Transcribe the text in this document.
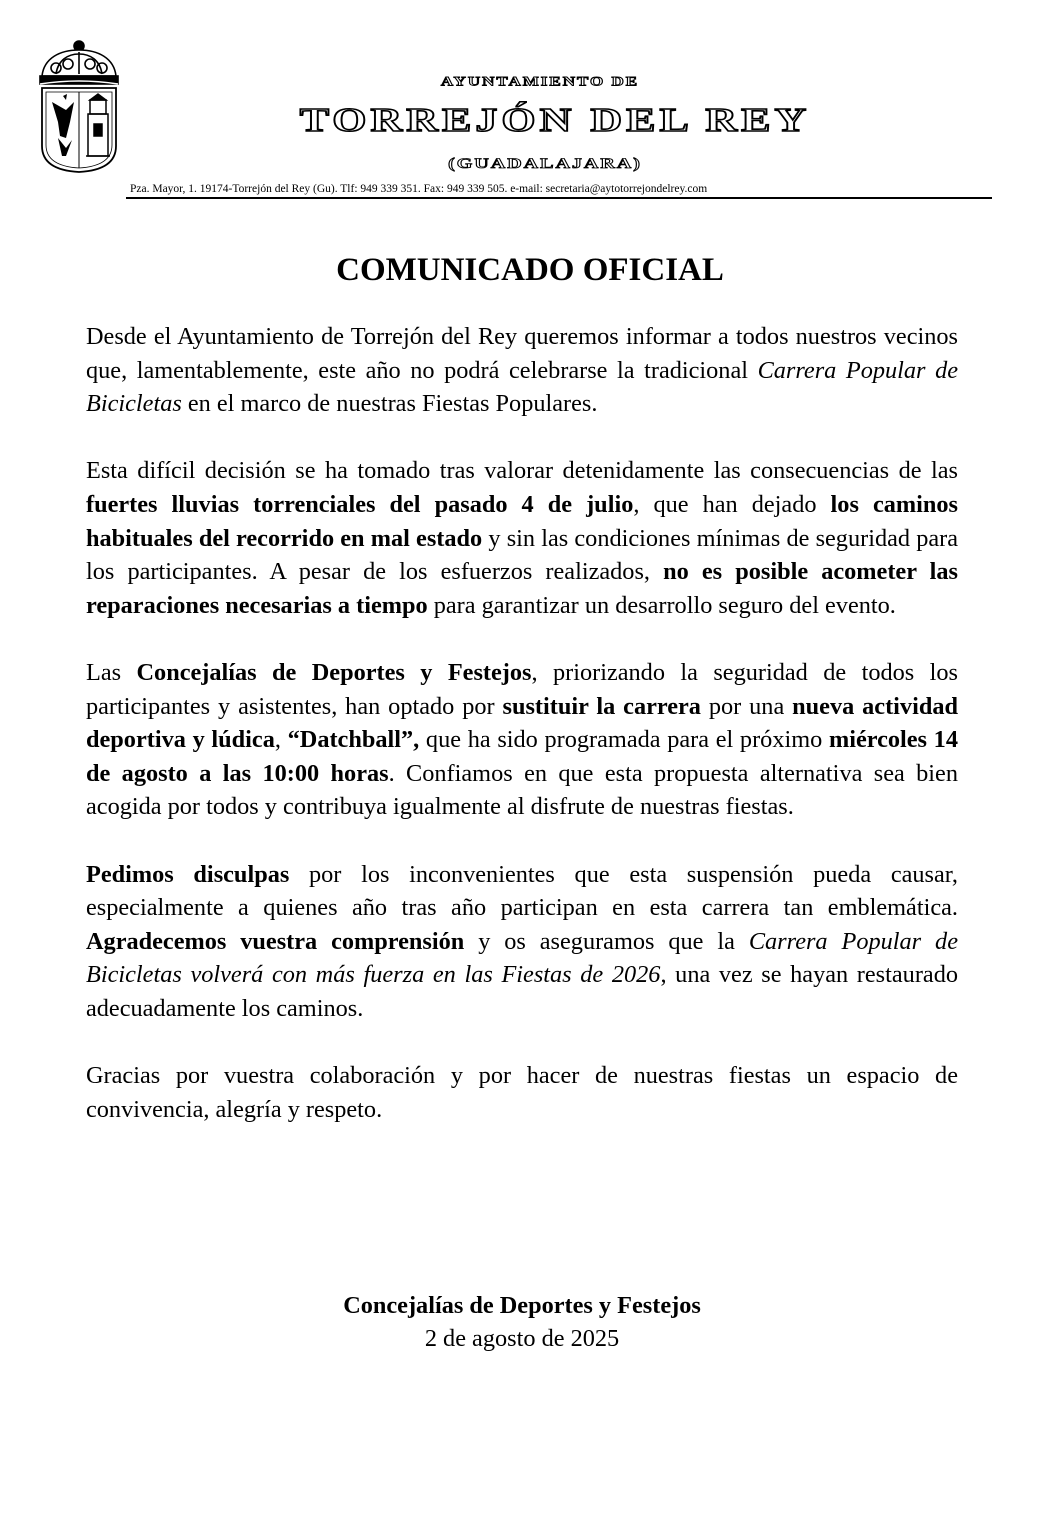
AYUNTAMIENTO DE
TORREJÓN DEL REY
(GUADALAJARA)
Pza. Mayor, 1. 19174-Torrejón del Rey (Gu). Tlf: 949 339 351. Fax: 949 339 505. e-mail: secretaria@aytotorrejondelrey.com
COMUNICADO OFICIAL

Desde el Ayuntamiento de Torrejón del Rey queremos informar a todos nuestros vecinos que, lamentablemente, este año no podrá celebrarse la tradicional Carrera Popular de Bicicletas en el marco de nuestras Fiestas Populares.

Esta difícil decisión se ha tomado tras valorar detenidamente las consecuencias de las fuertes lluvias torrenciales del pasado 4 de julio, que han dejado los caminos habituales del recorrido en mal estado y sin las condiciones mínimas de seguridad para los participantes. A pesar de los esfuerzos realizados, no es posible acometer las reparaciones necesarias a tiempo para garantizar un desarrollo seguro del evento.

Las Concejalías de Deportes y Festejos, priorizando la seguridad de todos los participantes y asistentes, han optado por sustituir la carrera por una nueva actividad deportiva y lúdica, “Datchball”, que ha sido programada para el próximo miércoles 14 de agosto a las 10:00 horas. Confiamos en que esta propuesta alternativa sea bien acogida por todos y contribuya igualmente al disfrute de nuestras fiestas.

Pedimos disculpas por los inconvenientes que esta suspensión pueda causar, especialmente a quienes año tras año participan en esta carrera tan emblemática. Agradecemos vuestra comprensión y os aseguramos que la Carrera Popular de Bicicletas volverá con más fuerza en las Fiestas de 2026, una vez se hayan restaurado adecuadamente los caminos.

Gracias por vuestra colaboración y por hacer de nuestras fiestas un espacio de convivencia, alegría y respeto.

Concejalías de Deportes y Festejos
2 de agosto de 2025
